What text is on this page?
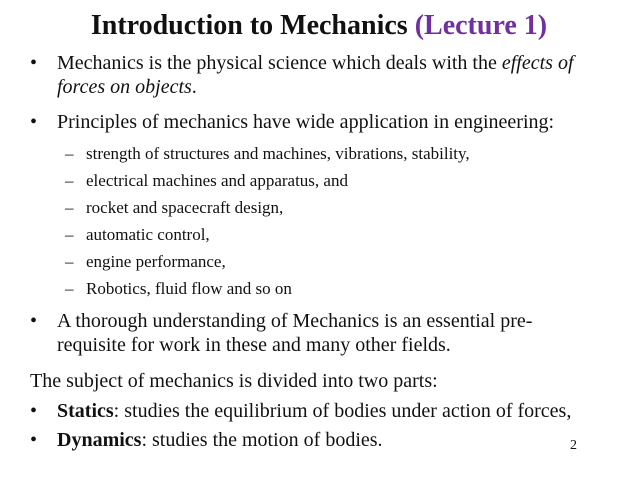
Introduction to Mechanics (Lecture 1)
• Mechanics is the physical science which deals with the effects of
forces on objects.
• Principles of mechanics have wide application in engineering:
– strength of structures and machines, vibrations, stability,
– electrical machines and apparatus, and
– rocket and spacecraft design,
– automatic control,
– engine performance,
– Robotics, fluid flow and so on
• A thorough understanding of Mechanics is an essential pre-
requisite for work in these and many other fields.
The subject of mechanics is divided into two parts:
• Statics: studies the equilibrium of bodies under action of forces,
• Dynamics: studies the motion of bodies.	2
